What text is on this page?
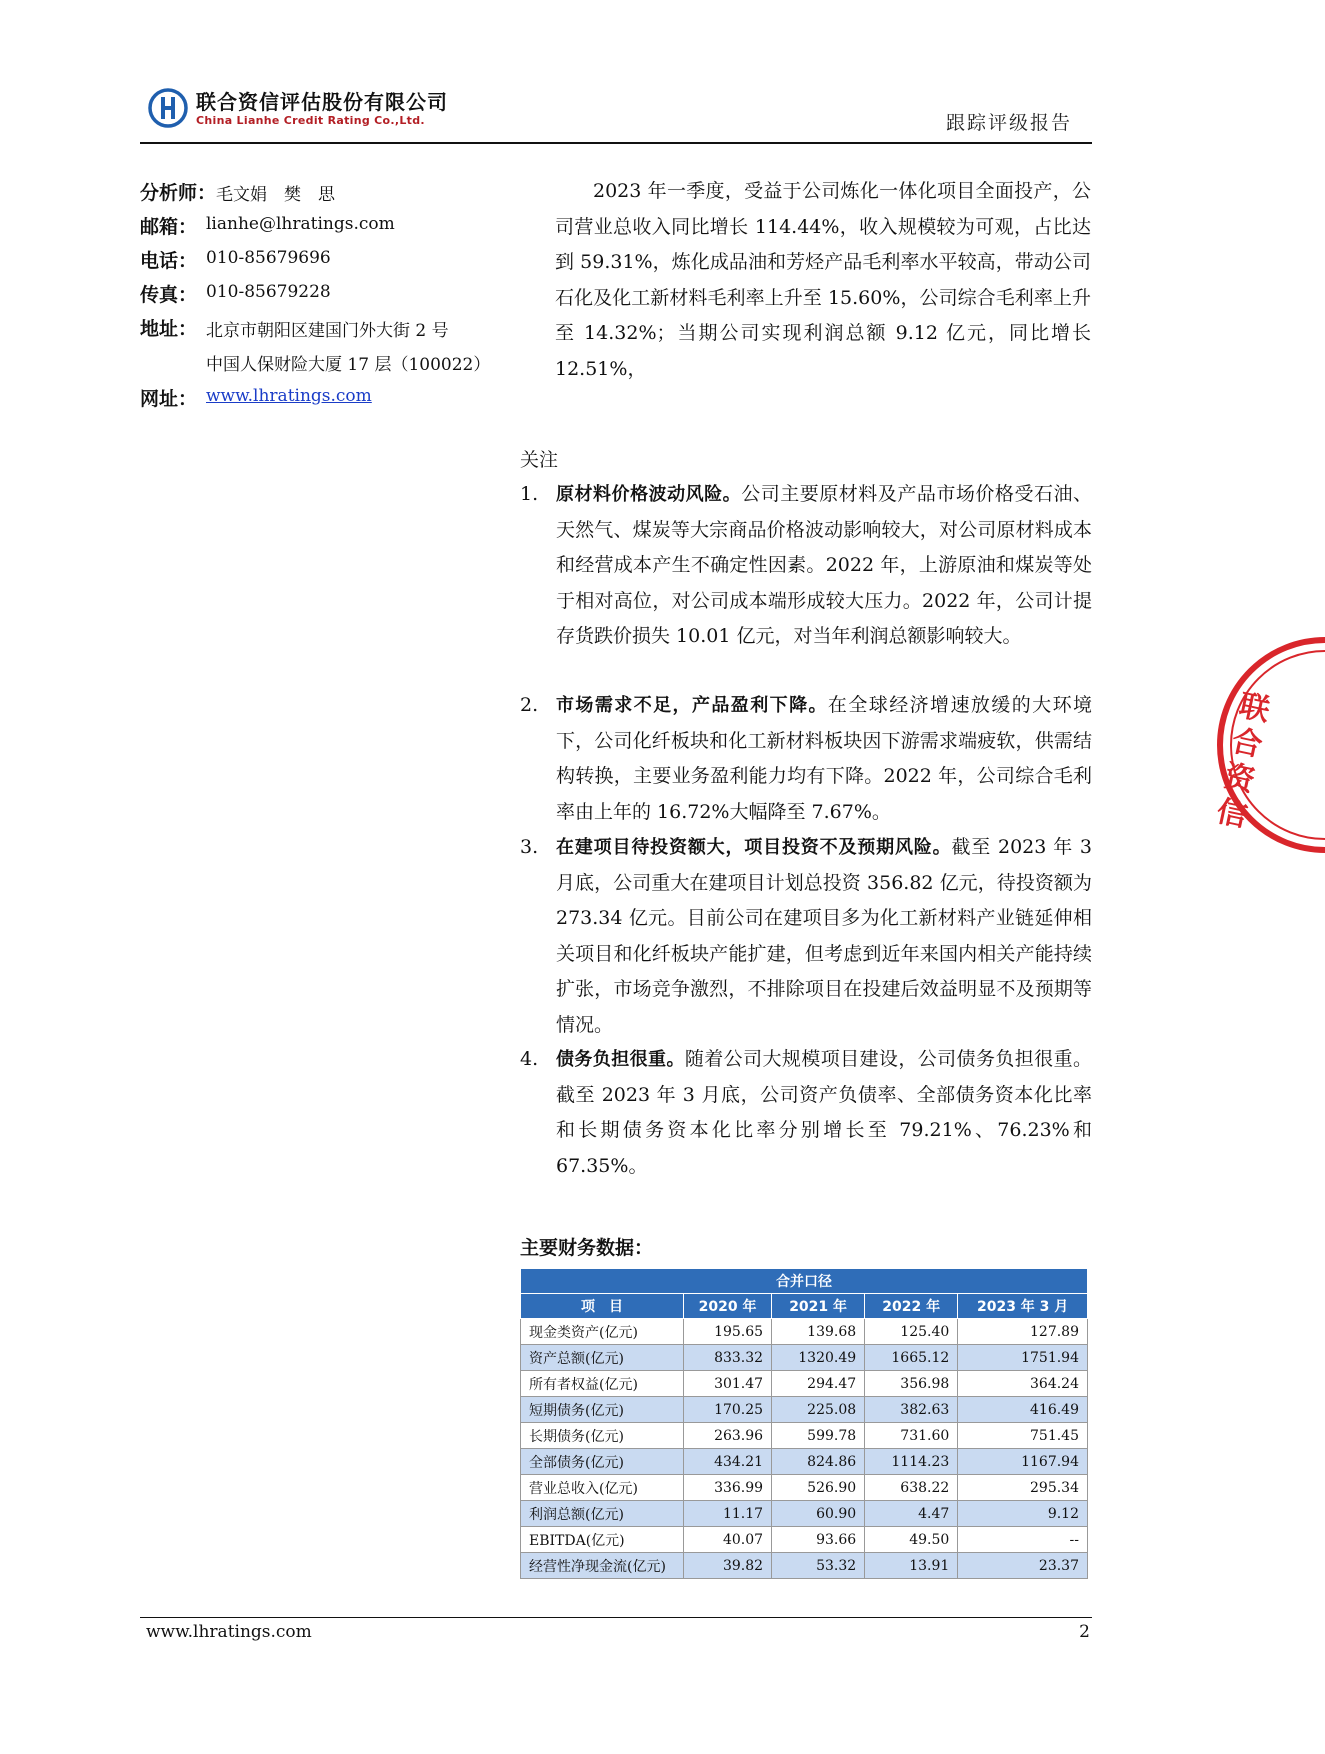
联合资信评估股份有限公司
China Lianhe Credit Rating Co.,Ltd.	跟踪评级报告
分析师： 毛文娟　樊　思
邮箱： lianhe@lhratings.com
电话： 010-85679696
传真： 010-85679228
地址： 北京市朝阳区建国门外大街 2 号
中国人保财险大厦 17 层（100022）
网址： www.lhratings.com

2023 年一季度，受益于公司炼化一体化项目全面投产，公司营业总收入同比增长 114.44%，收入规模较为可观，占比达到 59.31%，炼化成品油和芳烃产品毛利率水平较高，带动公司石化及化工新材料毛利率上升至 15.60%，公司综合毛利率上升至 14.32%；当期公司实现利润总额 9.12 亿元，同比增长 12.51%，

关注
1. 原材料价格波动风险。公司主要原材料及产品市场价格受石油、天然气、煤炭等大宗商品价格波动影响较大，对公司原材料成本和经营成本产生不确定性因素。2022 年，上游原油和煤炭等处于相对高位，对公司成本端形成较大压力。2022 年，公司计提存货跌价损失 10.01 亿元，对当年利润总额影响较大。
2. 市场需求不足，产品盈利下降。在全球经济增速放缓的大环境下，公司化纤板块和化工新材料板块因下游需求端疲软，供需结构转换，主要业务盈利能力均有下降。2022 年，公司综合毛利率由上年的 16.72%大幅降至 7.67%。
3. 在建项目待投资额大，项目投资不及预期风险。截至 2023 年 3 月底，公司重大在建项目计划总投资 356.82 亿元，待投资额为 273.34 亿元。目前公司在建项目多为化工新材料产业链延伸相关项目和化纤板块产能扩建，但考虑到近年来国内相关产能持续扩张，市场竞争激烈，不排除项目在投建后效益明显不及预期等情况。
4. 债务负担很重。随着公司大规模项目建设，公司债务负担很重。截至 2023 年 3 月底，公司资产负债率、全部债务资本化比率和长期债务资本化比率分别增长至 79.21%、76.23%和 67.35%。
主要财务数据：
合并口径				
项　目	2020 年	2021 年	2022 年	2023 年 3 月
现金类资产(亿元)	195.65	139.68	125.40	127.89
资产总额(亿元)	833.32	1320.49	1665.12	1751.94
所有者权益(亿元)	301.47	294.47	356.98	364.24
短期债务(亿元)	170.25	225.08	382.63	416.49
长期债务(亿元)	263.96	599.78	731.60	751.45
全部债务(亿元)	434.21	824.86	1114.23	1167.94
营业总收入(亿元)	336.99	526.90	638.22	295.34
利润总额(亿元)	11.17	60.90	4.47	9.12
EBITDA(亿元)	40.07	93.66	49.50	--
经营性净现金流(亿元)	39.82	53.32	13.91	23.37
www.lhratings.com	2
联合资信
